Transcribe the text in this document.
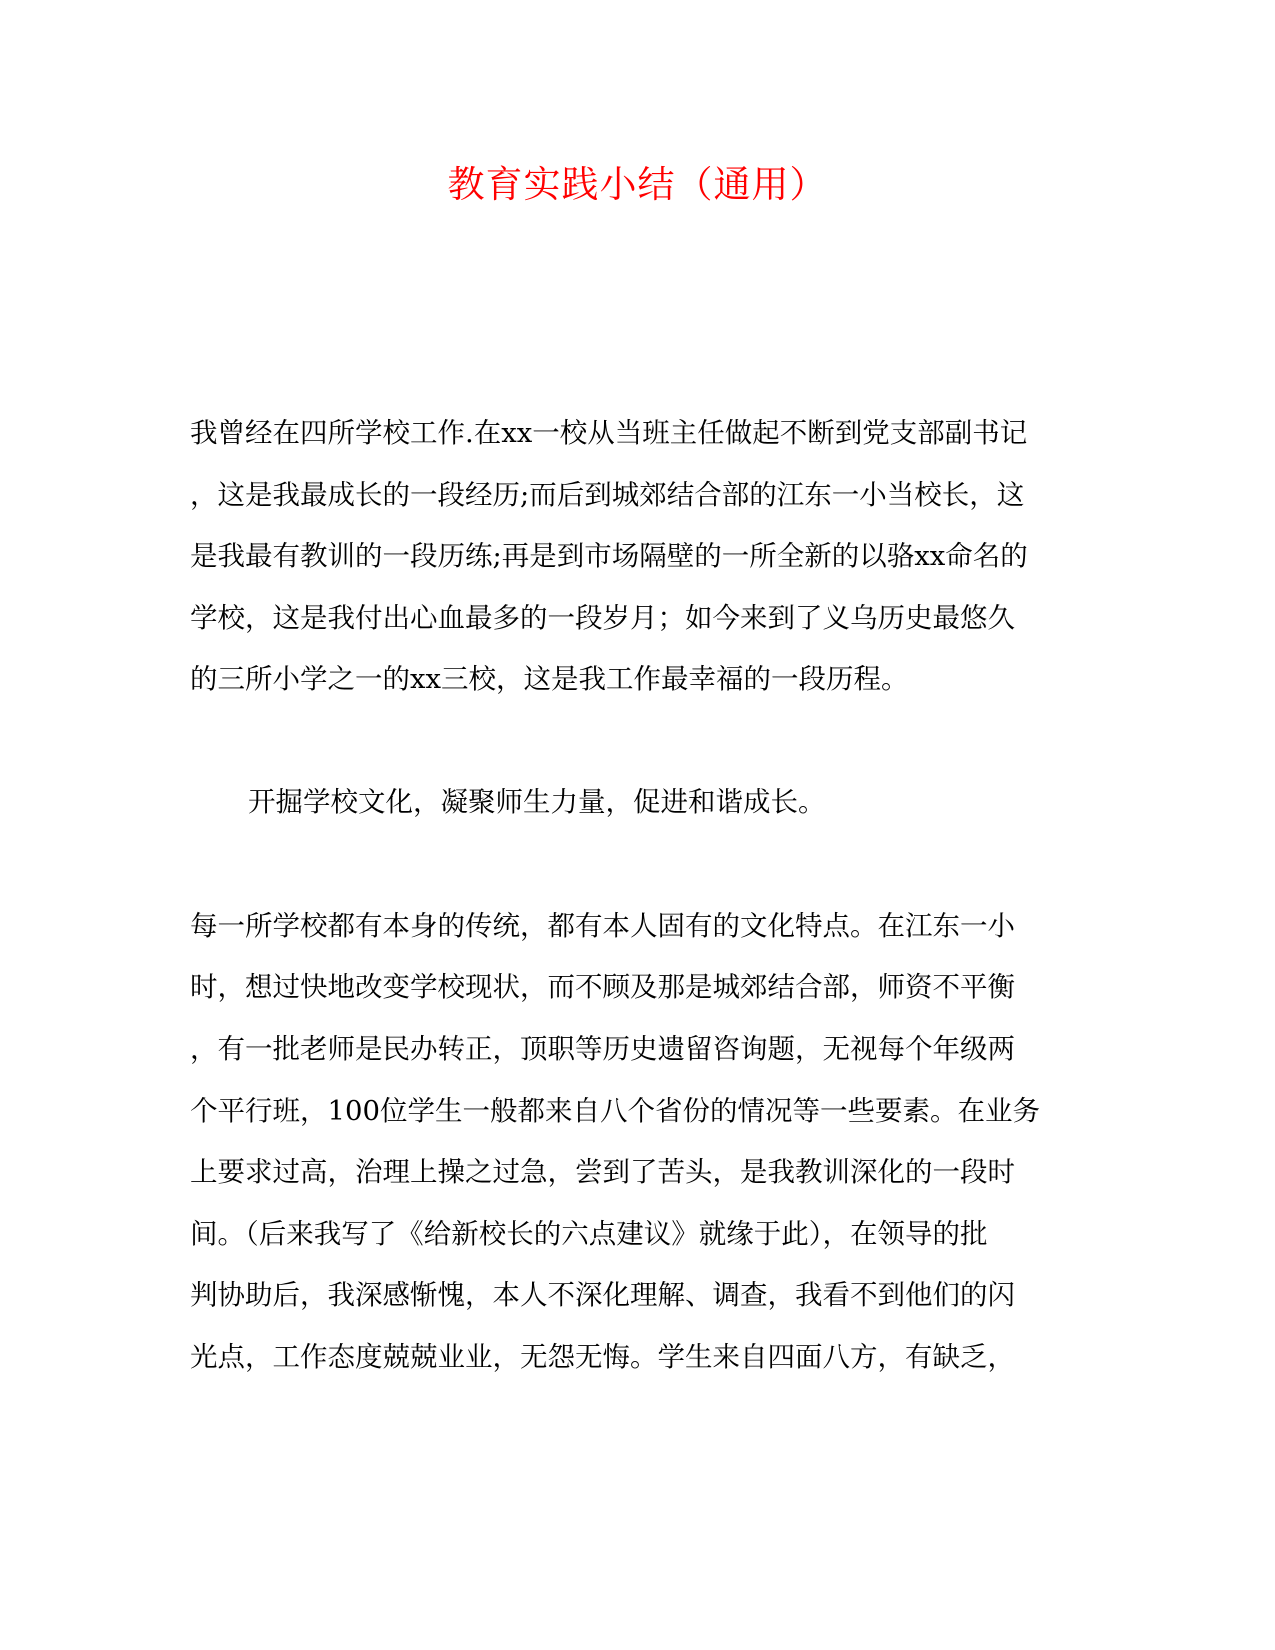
教育实践小结（通用）
我曾经在四所学校工作.在xx一校从当班主任做起不断到党支部副书记
，这是我最成长的一段经历;而后到城郊结合部的江东一小当校长，这
是我最有教训的一段历练;再是到市场隔壁的一所全新的以骆xx命名的
学校，这是我付出心血最多的一段岁月；如今来到了义乌历史最悠久
的三所小学之一的xx三校，这是我工作最幸福的一段历程。
开掘学校文化，凝聚师生力量，促进和谐成长。
每一所学校都有本身的传统，都有本人固有的文化特点。在江东一小
时，想过快地改变学校现状，而不顾及那是城郊结合部，师资不平衡
，有一批老师是民办转正，顶职等历史遗留咨询题，无视每个年级两
个平行班，100位学生一般都来自八个省份的情况等一些要素。在业务
上要求过高，治理上操之过急，尝到了苦头，是我教训深化的一段时
间。（后来我写了《给新校长的六点建议》就缘于此），在领导的批
判协助后，我深感惭愧，本人不深化理解、调查，我看不到他们的闪
光点，工作态度兢兢业业，无怨无悔。学生来自四面八方，有缺乏，
